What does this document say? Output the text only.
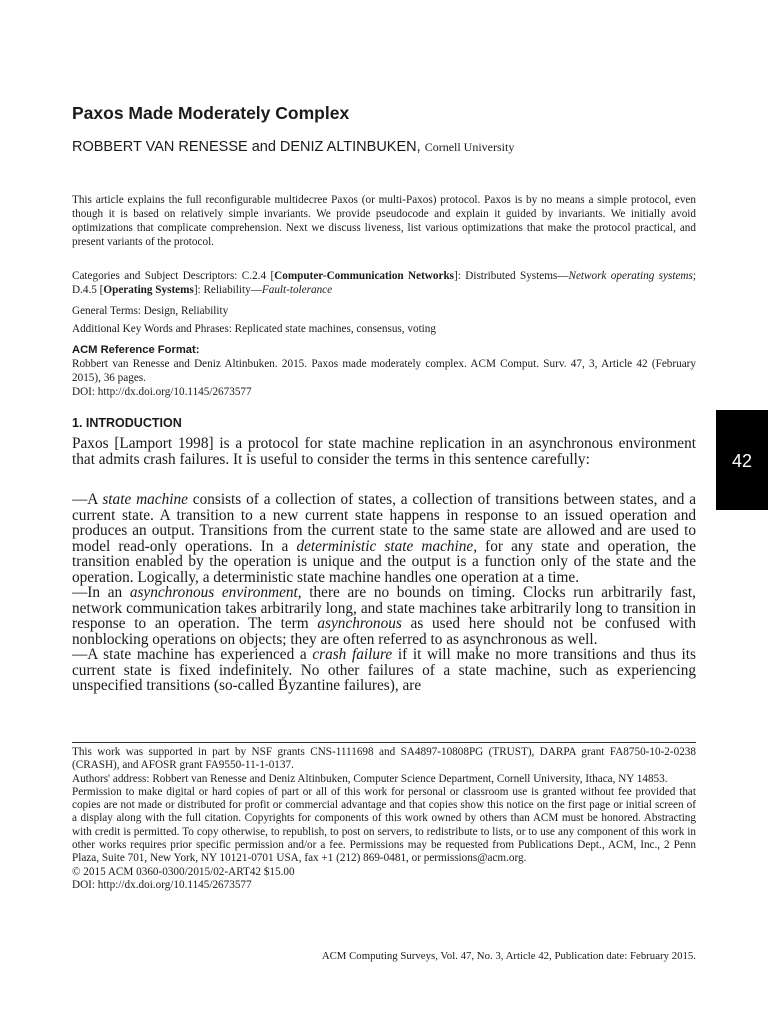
Paxos Made Moderately Complex
ROBBERT VAN RENESSE and DENIZ ALTINBUKEN, Cornell University

This article explains the full reconfigurable multidecree Paxos (or multi-Paxos) protocol. Paxos is by no means a simple protocol, even though it is based on relatively simple invariants. We provide pseudocode and explain it guided by invariants. We initially avoid optimizations that complicate comprehension. Next we discuss liveness, list various optimizations that make the protocol practical, and present variants of the protocol.

Categories and Subject Descriptors: C.2.4 [Computer-Communication Networks]: Distributed Systems—Network operating systems; D.4.5 [Operating Systems]: Reliability—Fault-tolerance

General Terms: Design, Reliability

Additional Key Words and Phrases: Replicated state machines, consensus, voting

ACM Reference Format:

Robbert van Renesse and Deniz Altinbuken. 2015. Paxos made moderately complex. ACM Comput. Surv. 47, 3, Article 42 (February 2015), 36 pages.

DOI: http://dx.doi.org/10.1145/2673577

1. INTRODUCTION

Paxos [Lamport 1998] is a protocol for state machine replication in an asynchronous environment that admits crash failures. It is useful to consider the terms in this sentence carefully:

—A state machine consists of a collection of states, a collection of transitions between states, and a current state. A transition to a new current state happens in response to an issued operation and produces an output. Transitions from the current state to the same state are allowed and are used to model read-only operations. In a deterministic state machine, for any state and operation, the transition enabled by the operation is unique and the output is a function only of the state and the operation. Logically, a deterministic state machine handles one operation at a time.

—In an asynchronous environment, there are no bounds on timing. Clocks run arbitrarily fast, network communication takes arbitrarily long, and state machines take arbitrarily long to transition in response to an operation. The term asynchronous as used here should not be confused with nonblocking operations on objects; they are often referred to as asynchronous as well.

—A state machine has experienced a crash failure if it will make no more transitions and thus its current state is fixed indefinitely. No other failures of a state machine, such as experiencing unspecified transitions (so-called Byzantine failures), are

This work was supported in part by NSF grants CNS-1111698 and SA4897-10808PG (TRUST), DARPA grant FA8750-10-2-0238 (CRASH), and AFOSR grant FA9550-11-1-0137.

Authors' address: Robbert van Renesse and Deniz Altinbuken, Computer Science Department, Cornell University, Ithaca, NY 14853.

Permission to make digital or hard copies of part or all of this work for personal or classroom use is granted without fee provided that copies are not made or distributed for profit or commercial advantage and that copies show this notice on the first page or initial screen of a display along with the full citation. Copyrights for components of this work owned by others than ACM must be honored. Abstracting with credit is permitted. To copy otherwise, to republish, to post on servers, to redistribute to lists, or to use any component of this work in other works requires prior specific permission and/or a fee. Permissions may be requested from Publications Dept., ACM, Inc., 2 Penn Plaza, Suite 701, New York, NY 10121-0701 USA, fax +1 (212) 869-0481, or permissions@acm.org.

© 2015 ACM 0360-0300/2015/02-ART42 $15.00

DOI: http://dx.doi.org/10.1145/2673577

42
ACM Computing Surveys, Vol. 47, No. 3, Article 42, Publication date: February 2015.
